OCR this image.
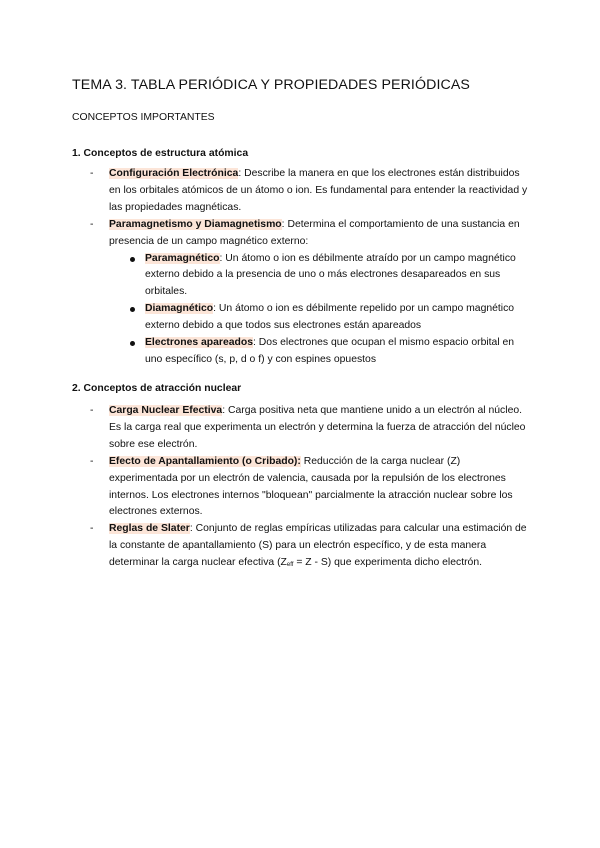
TEMA 3. TABLA PERIÓDICA Y PROPIEDADES PERIÓDICAS
CONCEPTOS IMPORTANTES
1. Conceptos de estructura atómica
- Configuración Electrónica: Describe la manera en que los electrones están distribuidos en los orbitales atómicos de un átomo o ion. Es fundamental para entender la reactividad y las propiedades magnéticas.
- Paramagnetismo y Diamagnetismo: Determina el comportamiento de una sustancia en presencia de un campo magnético externo:
Paramagnético: Un átomo o ion es débilmente atraído por un campo magnético externo debido a la presencia de uno o más electrones desapareados en sus orbitales.
Diamagnético: Un átomo o ion es débilmente repelido por un campo magnético externo debido a que todos sus electrones están apareados
Electrones apareados: Dos electrones que ocupan el mismo espacio orbital en uno específico (s, p, d o f) y con espines opuestos
2. Conceptos de atracción nuclear
- Carga Nuclear Efectiva: Carga positiva neta que mantiene unido a un electrón al núcleo. Es la carga real que experimenta un electrón y determina la fuerza de atracción del núcleo sobre ese electrón.
- Efecto de Apantallamiento (o Cribado): Reducción de la carga nuclear (Z) experimentada por un electrón de valencia, causada por la repulsión de los electrones internos. Los electrones internos "bloquean" parcialmente la atracción nuclear sobre los electrones externos.
- Reglas de Slater: Conjunto de reglas empíricas utilizadas para calcular una estimación de la constante de apantallamiento (S) para un electrón específico, y de esta manera determinar la carga nuclear efectiva $(Z_{eff} = Z - S)$ que experimenta dicho electrón.
